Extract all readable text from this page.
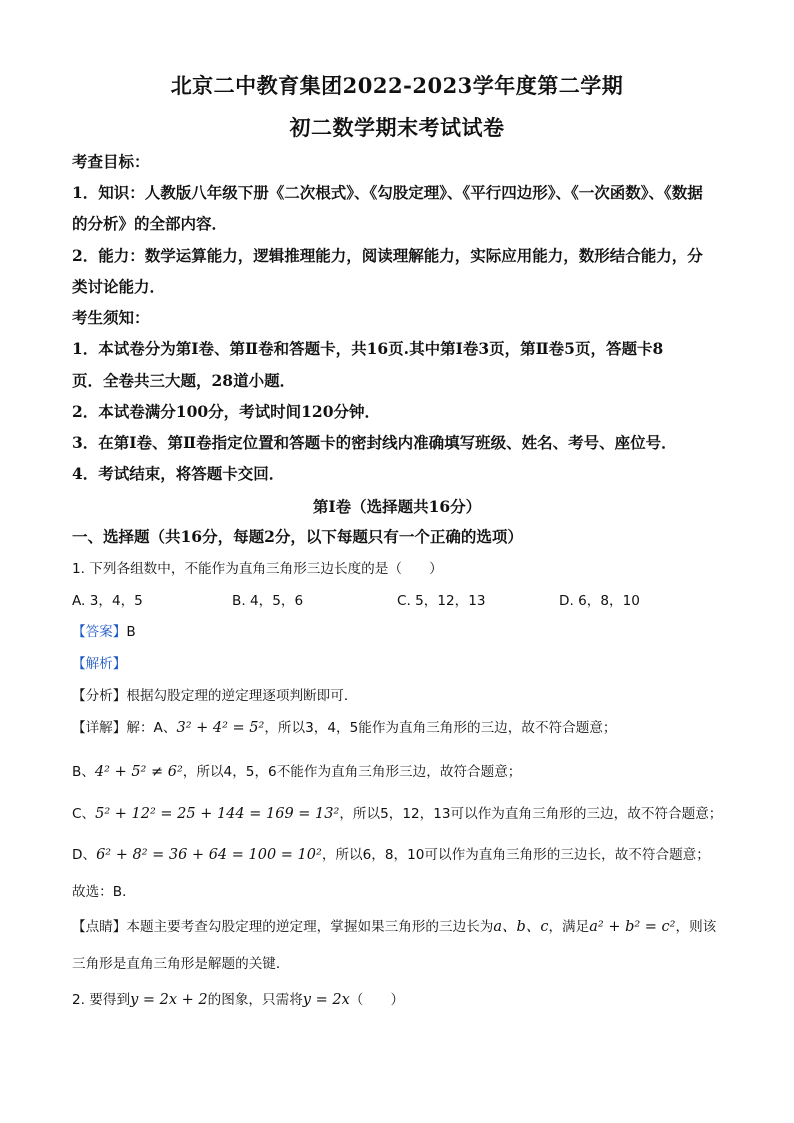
北京二中教育集团2022-2023学年度第二学期
初二数学期末考试试卷
考查目标：
1．知识：人教版八年级下册《二次根式》、《勾股定理》、《平行四边形》、《一次函数》、《数据
的分析》的全部内容．
2．能力：数学运算能力，逻辑推理能力，阅读理解能力，实际应用能力，数形结合能力，分
类讨论能力．
考生须知：
1．本试卷分为第Ⅰ卷、第Ⅱ卷和答题卡，共16页.其中第Ⅰ卷3页，第Ⅱ卷5页，答题卡8
页．全卷共三大题，28道小题．
2．本试卷满分100分，考试时间120分钟．
3．在第Ⅰ卷、第Ⅱ卷指定位置和答题卡的密封线内准确填写班级、姓名、考号、座位号．
4．考试结束，将答题卡交回．
第Ⅰ卷（选择题共16分）
一、选择题（共16分，每题2分，以下每题只有一个正确的选项）
1. 下列各组数中，不能作为直角三角形三边长度的是（　　）
A. 3，4，5	B. 4，5，6	C. 5，12，13	D. 6，8，10
【答案】B
【解析】
【分析】根据勾股定理的逆定理逐项判断即可．
【详解】解：A、3² + 4² = 5²，所以3，4，5能作为直角三角形的三边，故不符合题意；
B、4² + 5² ≠ 6²，所以4，5，6不能作为直角三角形三边，故符合题意；
C、5² + 12² = 25 + 144 = 169 = 13²，所以5，12，13可以作为直角三角形的三边，故不符合题意；
D、6² + 8² = 36 + 64 = 100 = 10²，所以6，8，10可以作为直角三角形的三边长，故不符合题意；
故选：B．
【点睛】本题主要考查勾股定理的逆定理，掌握如果三角形的三边长为a、b、c，满足a² + b² = c²，则该
三角形是直角三角形是解题的关键．
2. 要得到y = 2x + 2的图象，只需将y = 2x（　　）
